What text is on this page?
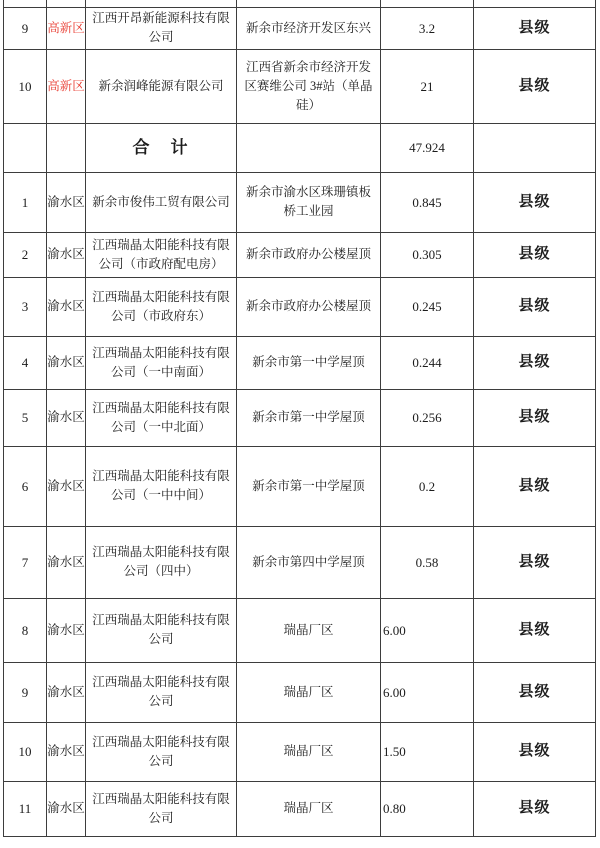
9	高新区	江西开昂新能源科技有限公司	新余市经济开发区东兴	3.2	县级
10	高新区	新余润峰能源有限公司	江西省新余市经济开发区赛维公司 3#站（单晶硅）	21	县级
		合　计		47.924	
1	渝水区	新余市俊伟工贸有限公司	新余市渝水区珠珊镇板桥工业园	0.845	县级
2	渝水区	江西瑞晶太阳能科技有限公司（市政府配电房）	新余市政府办公楼屋顶	0.305	县级
3	渝水区	江西瑞晶太阳能科技有限公司（市政府东）	新余市政府办公楼屋顶	0.245	县级
4	渝水区	江西瑞晶太阳能科技有限公司（一中南面）	新余市第一中学屋顶	0.244	县级
5	渝水区	江西瑞晶太阳能科技有限公司（一中北面）	新余市第一中学屋顶	0.256	县级
6	渝水区	江西瑞晶太阳能科技有限公司（一中中间）	新余市第一中学屋顶	0.2	县级
7	渝水区	江西瑞晶太阳能科技有限公司（四中）	新余市第四中学屋顶	0.58	县级
8	渝水区	江西瑞晶太阳能科技有限公司	瑞晶厂区	6.00	县级
9	渝水区	江西瑞晶太阳能科技有限公司	瑞晶厂区	6.00	县级
10	渝水区	江西瑞晶太阳能科技有限公司	瑞晶厂区	1.50	县级
11	渝水区	江西瑞晶太阳能科技有限公司	瑞晶厂区	0.80	县级
